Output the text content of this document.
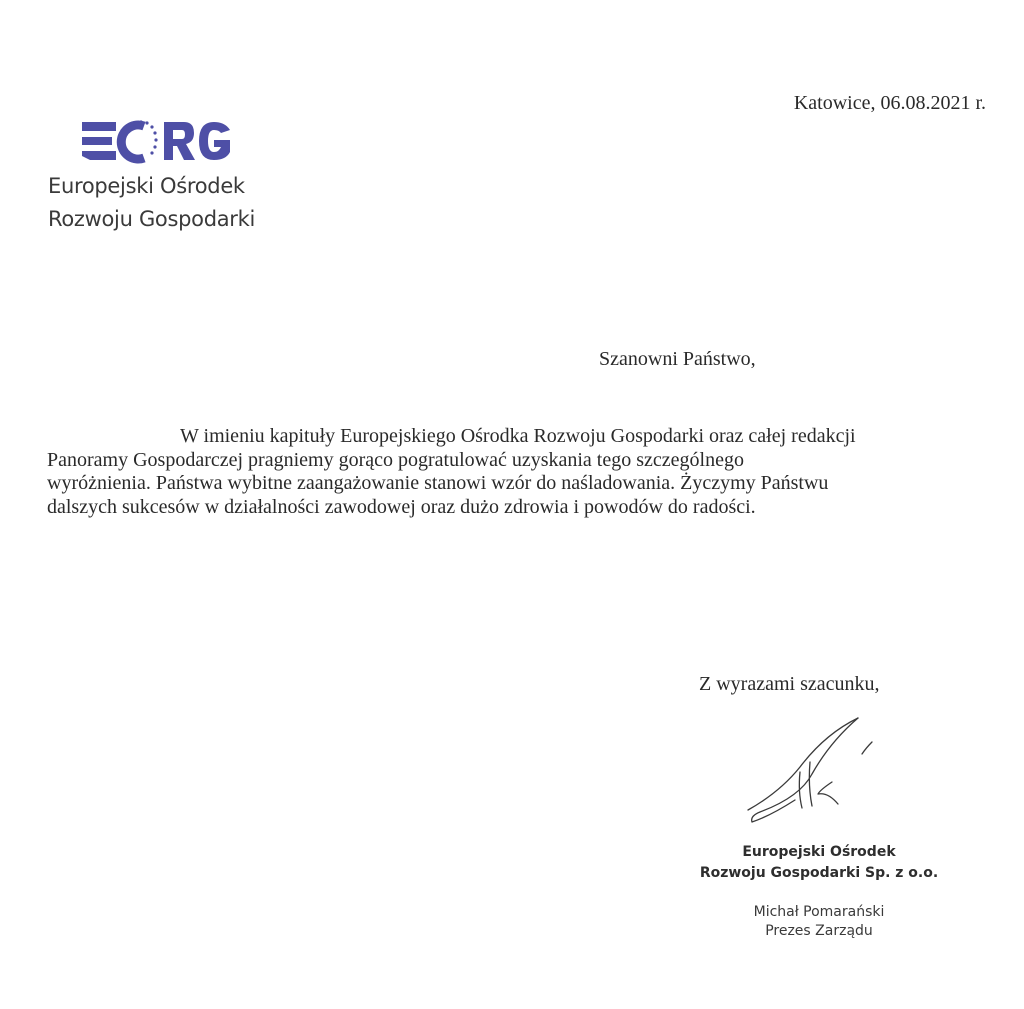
Europejski Ośrodek
Rozwoju Gospodarki
Katowice, 06.08.2021 r.
Szanowni Państwo,
W imieniu kapituły Europejskiego Ośrodka Rozwoju Gospodarki oraz całej redakcji
Panoramy Gospodarczej pragniemy gorąco pogratulować uzyskania tego szczególnego
wyróżnienia. Państwa wybitne zaangażowanie stanowi wzór do naśladowania. Życzymy Państwu
dalszych sukcesów w działalności zawodowej oraz dużo zdrowia i powodów do radości.
Z wyrazami szacunku,
Europejski Ośrodek
Rozwoju Gospodarki Sp. z o.o.
Michał Pomarański
Prezes Zarządu
